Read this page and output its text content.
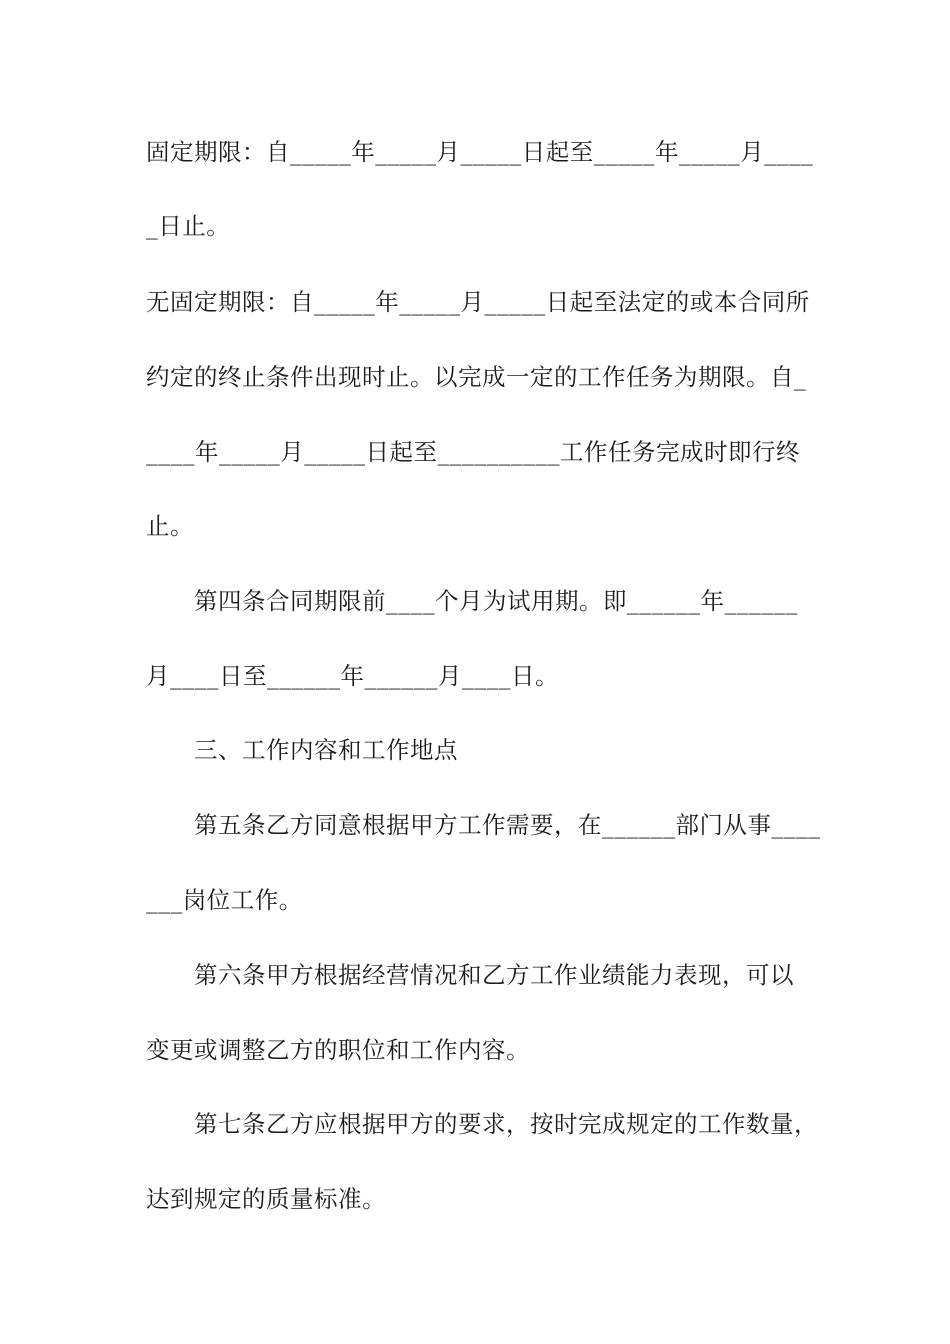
固定期限：自_____年_____月_____日起至_____年_____月____
_日止。
无固定期限：自_____年_____月_____日起至法定的或本合同所
约定的终止条件出现时止。以完成一定的工作任务为期限。自_
____年_____月_____日起至__________工作任务完成时即行终
止。
第四条合同期限前____个月为试用期。即______年______
月____日至______年______月____日。
三、工作内容和工作地点
第五条乙方同意根据甲方工作需要，在______部门从事____
___岗位工作。
第六条甲方根据经营情况和乙方工作业绩能力表现，可以
变更或调整乙方的职位和工作内容。
第七条乙方应根据甲方的要求，按时完成规定的工作数量，
达到规定的质量标准。
